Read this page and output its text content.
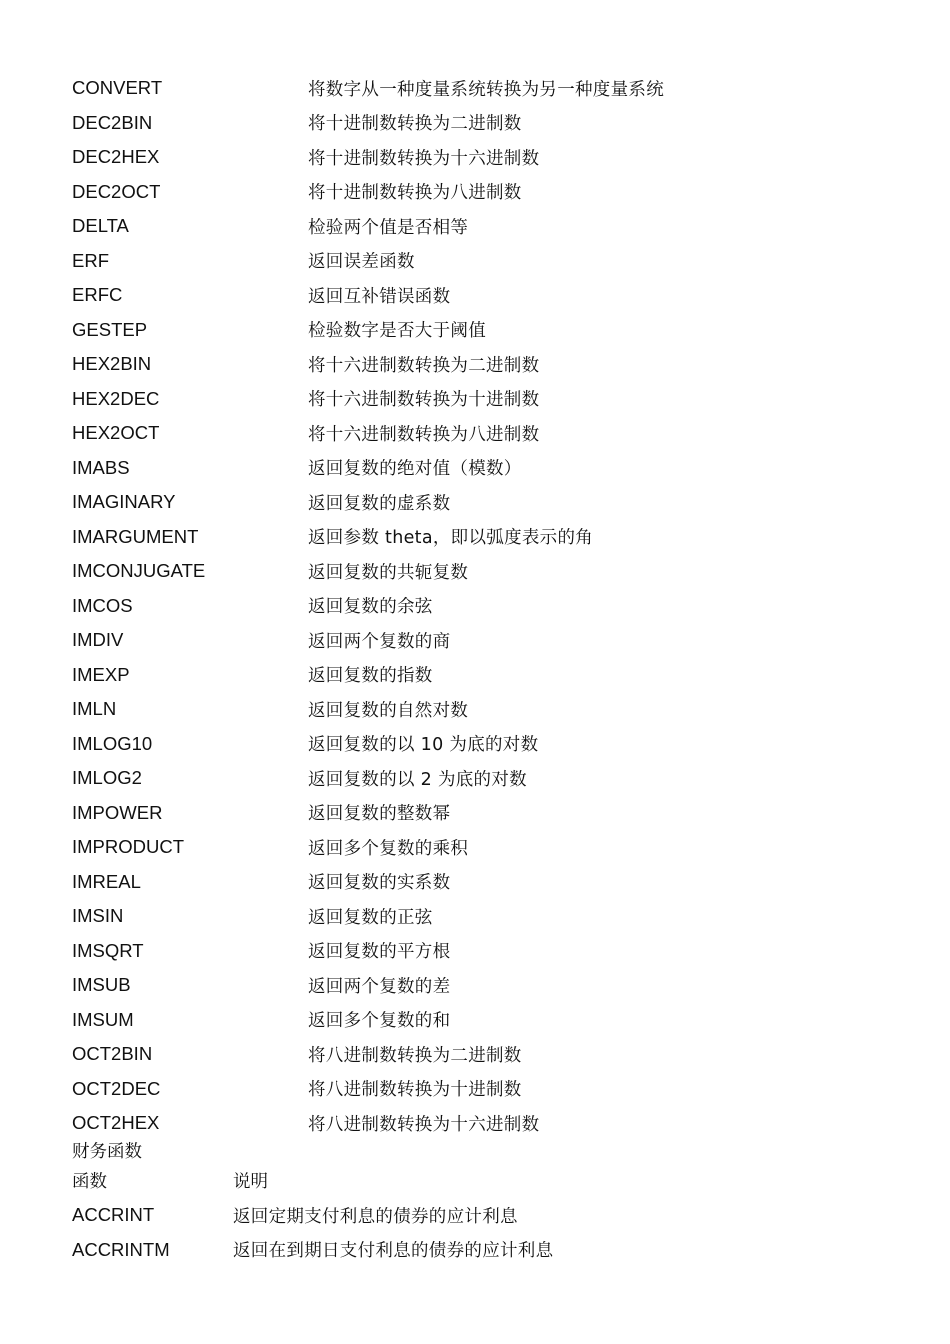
CONVERT	将数字从一种度量系统转换为另一种度量系统
DEC2BIN	将十进制数转换为二进制数
DEC2HEX	将十进制数转换为十六进制数
DEC2OCT	将十进制数转换为八进制数
DELTA	检验两个值是否相等
ERF	返回误差函数
ERFC	返回互补错误函数
GESTEP	检验数字是否大于阈值
HEX2BIN	将十六进制数转换为二进制数
HEX2DEC	将十六进制数转换为十进制数
HEX2OCT	将十六进制数转换为八进制数
IMABS	返回复数的绝对值（模数）
IMAGINARY	返回复数的虚系数
IMARGUMENT	返回参数 theta，即以弧度表示的角
IMCONJUGATE	返回复数的共轭复数
IMCOS	返回复数的余弦
IMDIV	返回两个复数的商
IMEXP	返回复数的指数
IMLN	返回复数的自然对数
IMLOG10	返回复数的以 10 为底的对数
IMLOG2	返回复数的以 2 为底的对数
IMPOWER	返回复数的整数幂
IMPRODUCT	返回多个复数的乘积
IMREAL	返回复数的实系数
IMSIN	返回复数的正弦
IMSQRT	返回复数的平方根
IMSUB	返回两个复数的差
IMSUM	返回多个复数的和
OCT2BIN	将八进制数转换为二进制数
OCT2DEC	将八进制数转换为十进制数
OCT2HEX	将八进制数转换为十六进制数
财务函数
函数	说明
ACCRINT	返回定期支付利息的债券的应计利息
ACCRINTM	返回在到期日支付利息的债券的应计利息
